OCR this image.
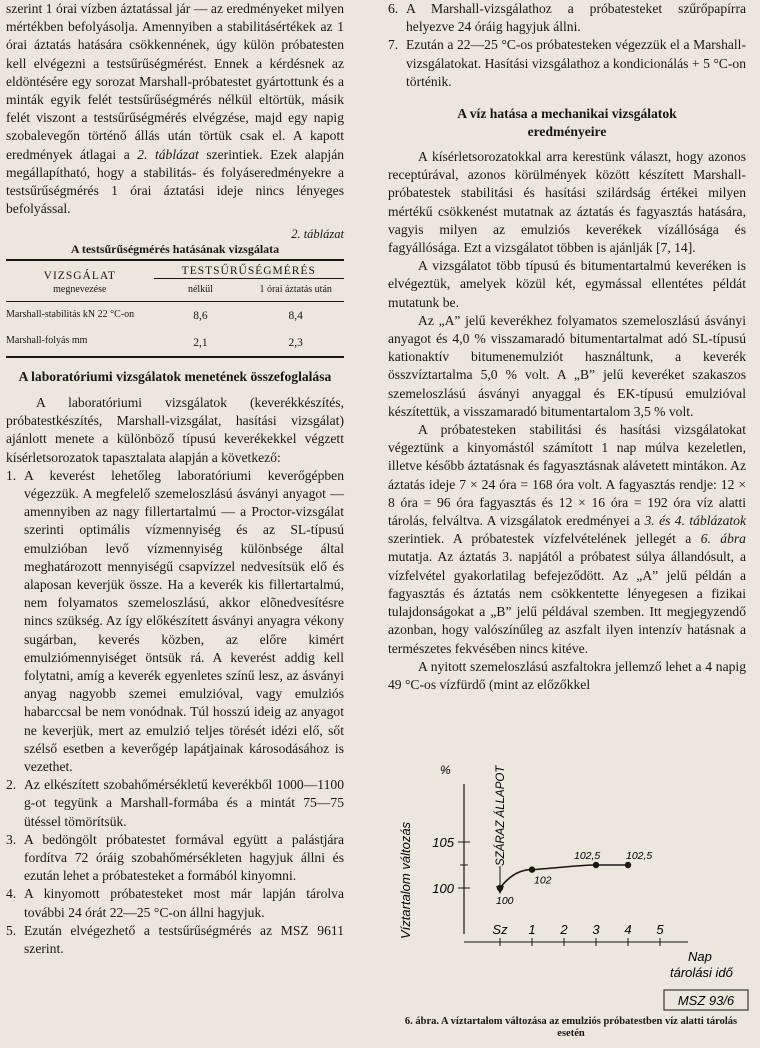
szerint 1 órai vízben áztatással jár — az eredményeket milyen mértékben befolyásolja. Amennyiben a stabilitásértékek az 1 órai áztatás hatására csökkennének, úgy külön próbatesten kell elvégezni a testsűrűségmérést. Ennek a kérdésnek az eldöntésére egy sorozat Marshall-próbatestet gyártottunk és a minták egyik felét testsűrűségmérés nélkül eltörtük, másik felét viszont a testsűrűségmérés elvégzése, majd egy napig szobalevegőn történő állás után törtük csak el. A kapott eredmények átlagai a 2. táblázat szerintiek. Ezek alapján megállapítható, hogy a stabilitás- és folyáseredményekre a testsűrűségmérés 1 órai áztatási ideje nincs lényeges befolyással.

2. táblázat
A testsűrűségmérés hatásának vizsgálata
VIZSGÁLAT
megnevezése	TESTSŰRŰSÉGMÉRÉS	
	nélkül	1 órai áztatás után
Marshall-stabilitás kN 22 °C-on	8,6	8,4
Marshall-folyás mm	2,1	2,3
A laboratóriumi vizsgálatok menetének összefoglalása

A laboratóriumi vizsgálatok (keverékkészítés, próbatestkészítés, Marshall-vizsgálat, hasítási vizsgálat) ajánlott menete a különböző típusú keverékekkel végzett kísérletsorozatok tapasztalata alapján a következő:

1. A keverést lehetőleg laboratóriumi keverőgépben végezzük. A megfelelő szemeloszlású ásványi anyagot — amennyiben az nagy fillertartalmú — a Proctor-vizsgálat szerinti optimális vízmennyiség és az SL-típusú emulzióban levő vízmennyiség különbsége által meghatározott mennyiségű csapvízzel nedvesítsük elő és alaposan keverjük össze. Ha a keverék kis fillertartalmú, nem folyamatos szemeloszlású, akkor elõnedvesítésre nincs szükség. Az így előkészített ásványi anyagra vékony sugárban, keverés közben, az előre kimért emulziómennyiséget öntsük rá. A keverést addig kell folytatni, amíg a keverék egyenletes színű lesz, az ásványi anyag nagyobb szemei emulzióval, vagy emulziós habarccsal be nem vonódnak. Túl hosszú ideig az anyagot ne keverjük, mert az emulzió teljes törését idézi elő, sőt szélső esetben a keverőgép lapátjainak károsodásához is vezethet.
2. Az elkészített szobahőmérsékletű keverékből 1000—1100 g-ot tegyünk a Marshall-formába és a mintát 75—75 ütéssel tömörítsük.
3. A bedöngölt próbatestet formával együtt a palástjára fordítva 72 óráig szobahőmérsékleten hagyjuk állni és ezután lehet a próbatesteket a formából kinyomni.
4. A kinyomott próbatesteket most már lapján tárolva további 24 órát 22—25 °C-on állni hagyjuk.
5. Ezután elvégezhető a testsűrűségmérés az MSZ 9611 szerint.
6. A Marshall-vizsgálathoz a próbatesteket szűrőpapírra helyezve 24 óráig hagyjuk állni.
7. Ezután a 22—25 °C-os próbatesteken végezzük el a Marshall-vizsgálatokat. Hasítási vizsgálathoz a kondicionálás + 5 °C-on történik.
A víz hatása a mechanikai vizsgálatok eredményeire

A kísérletsorozatokkal arra kerestünk választ, hogy azonos receptúrával, azonos körülmények között készített Marshall-próbatestek stabilitási és hasítási szilárdság értékei milyen mértékű csökkenést mutatnak az áztatás és fagyasztás hatására, vagyis milyen az emulziós keverékek vízállósága és fagyállósága. Ezt a vizsgálatot többen is ajánlják [7, 14].

A vizsgálatot több típusú és bitumentartalmú keveréken is elvégeztük, amelyek közül két, egymással ellentétes példát mutatunk be.

Az „A” jelű keverékhez folyamatos szemeloszlású ásványi anyagot és 4,0 % visszamaradó bitumentartalmat adó SL-típusú kationaktív bitumenemulziót használtunk, a keverék összvíztartalma 5,0 % volt. A „B” jelű keveréket szakaszos szemeloszlású ásványi anyaggal és EK-típusú emulzióval készítettük, a visszamaradó bitumentartalom 3,5 % volt.

A próbatesteken stabilitási és hasítási vizsgálatokat végeztünk a kinyomástól számított 1 nap múlva kezeletlen, illetve később áztatásnak és fagyasztásnak alávetett mintákon. Az áztatás ideje 7 × 24 óra = 168 óra volt. A fagyasztás rendje: 12 × 8 óra = 96 óra fagyasztás és 12 × 16 óra = 192 óra víz alatti tárolás, felváltva. A vizsgálatok eredményei a 3. és 4. táblázatok szerintiek. A próbatestek vízfelvételének jellegét a 6. ábra mutatja. Az áztatás 3. napjától a próbatest súlya állandósult, a vízfelvétel gyakorlatilag befejeződött. Az „A” jelű példán a fagyasztás és áztatás nem csökkentette lényegesen a fizikai tulajdonságokat a „B” jelű példával szemben. Itt megjegyzendő azonban, hogy valószínűleg az aszfalt ilyen intenzív hatásnak a természetes fekvésében nincs kitéve.

A nyitott szemeloszlású aszfaltokra jellemző lehet a 4 napig 49 °C-os vízfürdő (mint az előzőkkel

%
Víztartalom változás
SZÁRAZ ÁLLAPOT
100
105
Sz 1 2 3 4 5
100
102
102,5 102,5
Nap
tárolási idő
MSZ 93/6
6. ábra. A víztartalom változása az emulziós próbatestben víz alatti tárolás esetén
